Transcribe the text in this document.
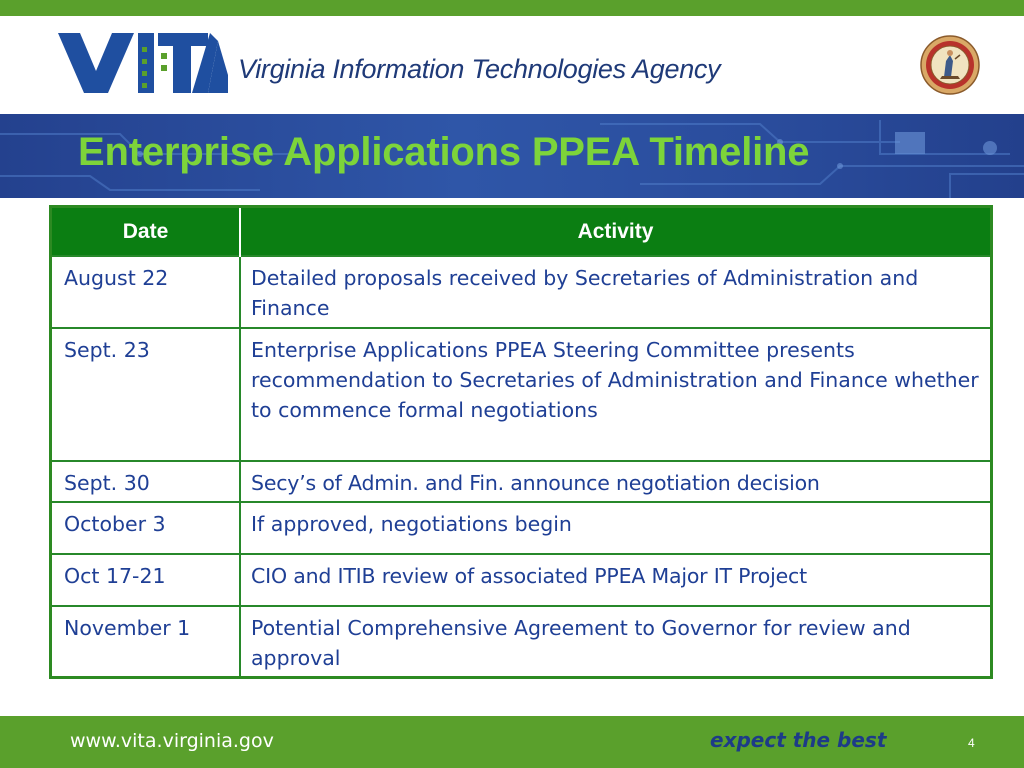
Virginia Information Technologies Agency

Enterprise Applications PPEA Timeline
Date	Activity
August 22	Detailed proposals received by Secretaries of Administration and Finance
Sept. 23	Enterprise Applications PPEA Steering Committee presents recommendation to Secretaries of Administration and Finance whether to commence formal negotiations
Sept. 30	Secy’s of Admin. and Fin. announce negotiation decision
October 3	If approved, negotiations begin
Oct 17-21	CIO and ITIB review of associated PPEA Major IT Project
November 1	Potential Comprehensive Agreement to Governor for review and approval

www.vita.virginia.gov	expect the best	4
